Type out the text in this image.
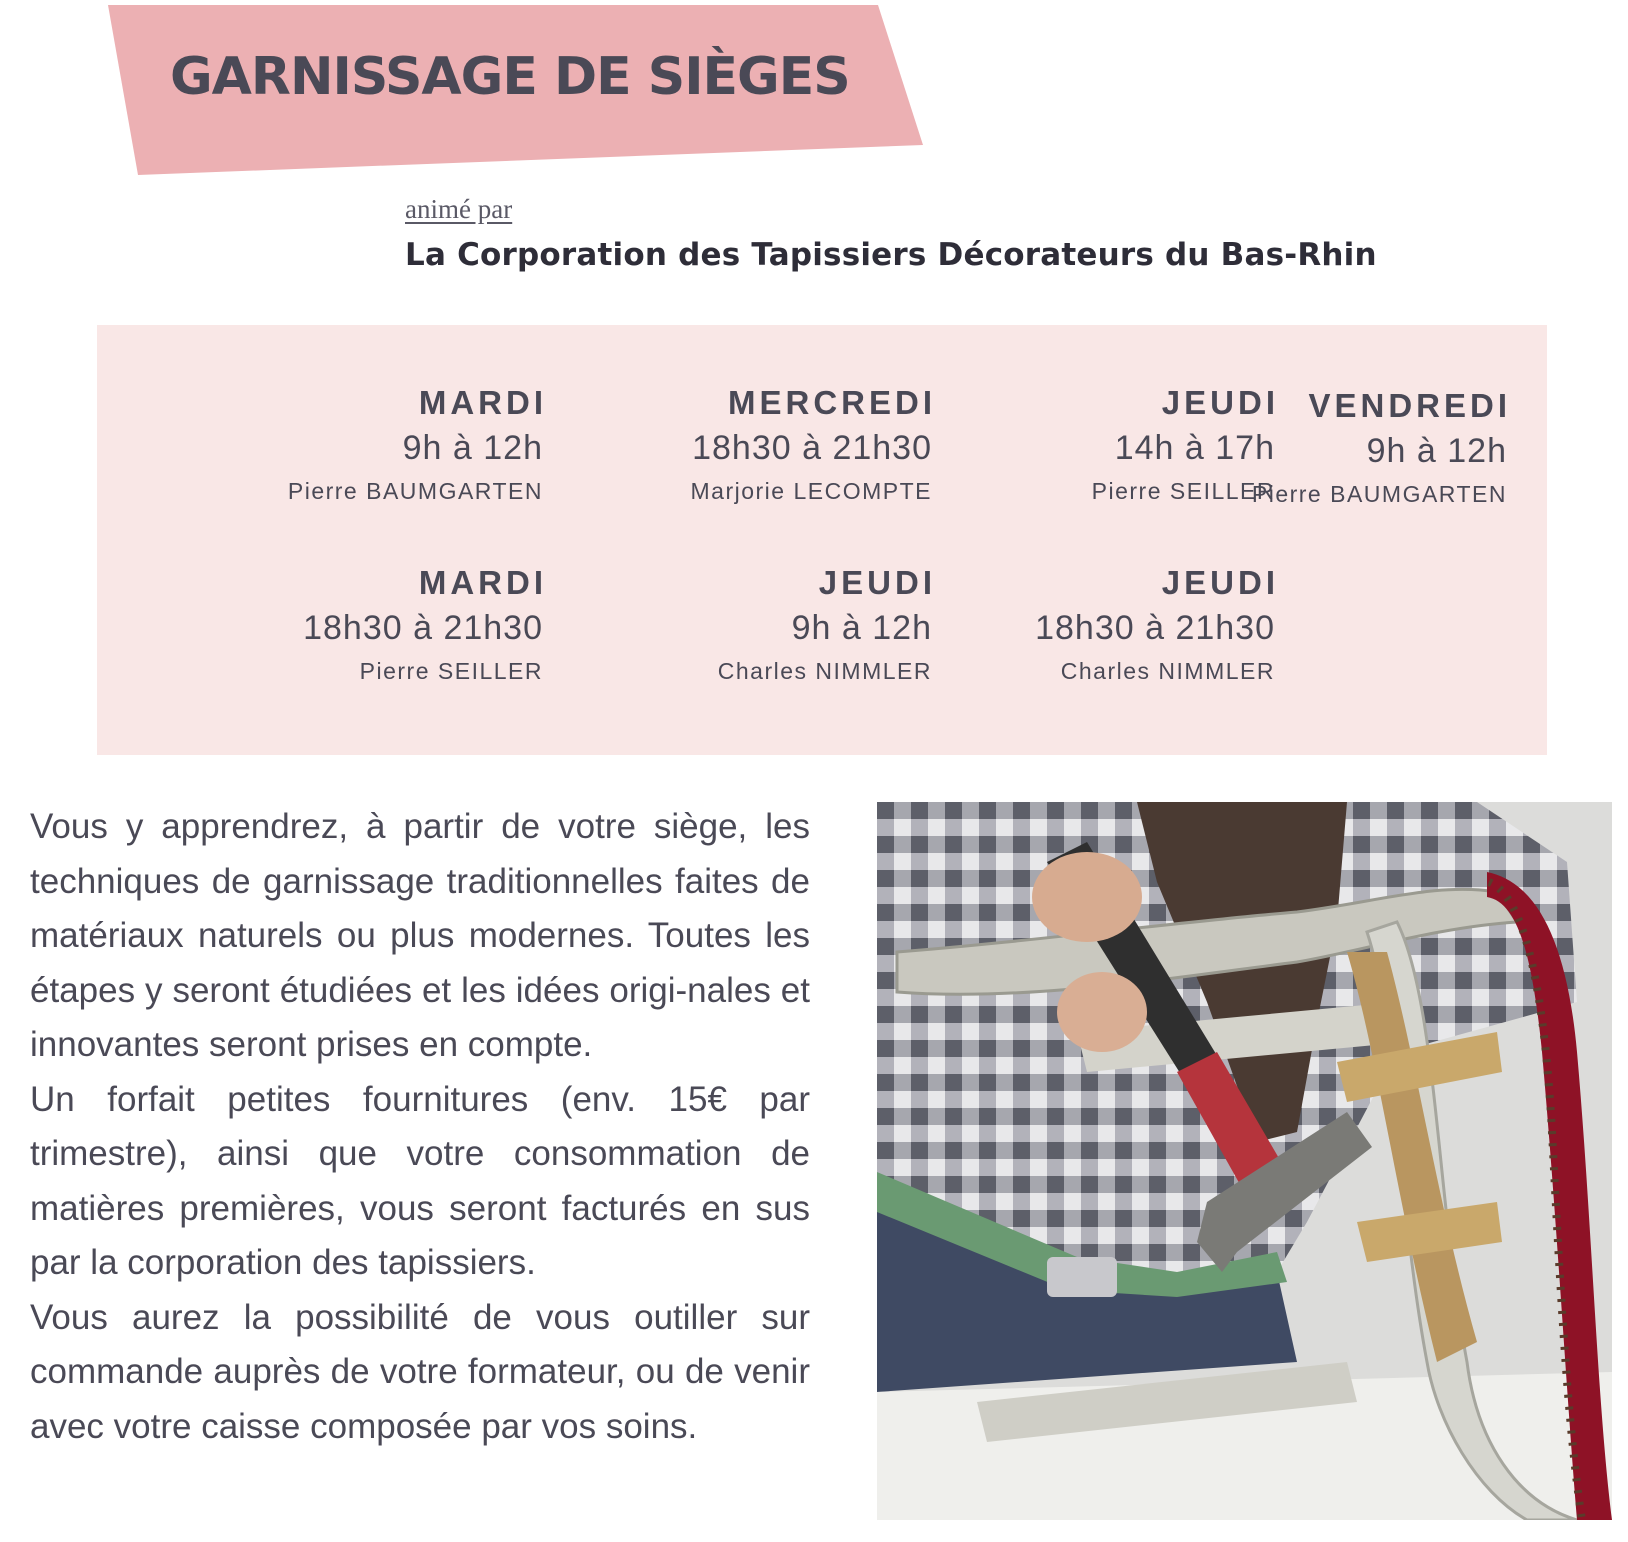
GARNISSAGE DE SIÈGES
animé par
La Corporation des Tapissiers Décorateurs du Bas-Rhin
MARDI
9h à 12h
Pierre BAUMGARTEN
MERCREDI
18h30 à 21h30
Marjorie LECOMPTE
JEUDI
14h à 17h
Pierre SEILLER
VENDREDI
9h à 12h
Pierre BAUMGARTEN
MARDI
18h30 à 21h30
Pierre SEILLER
JEUDI
9h à 12h
Charles NIMMLER
JEUDI
18h30 à 21h30
Charles NIMMLER

Vous y apprendrez, à partir de votre siège, les techniques de garnissage traditionnelles faites de matériaux naturels ou plus modernes. Toutes les étapes y seront étudiées et les idées origi-nales et innovantes seront prises en compte.

Un forfait petites fournitures (env. 15€ par trimestre), ainsi que votre consommation de matières premières, vous seront facturés en sus par la corporation des tapissiers.

Vous aurez la possibilité de vous outiller sur commande auprès de votre formateur, ou de venir avec votre caisse composée par vos soins.
